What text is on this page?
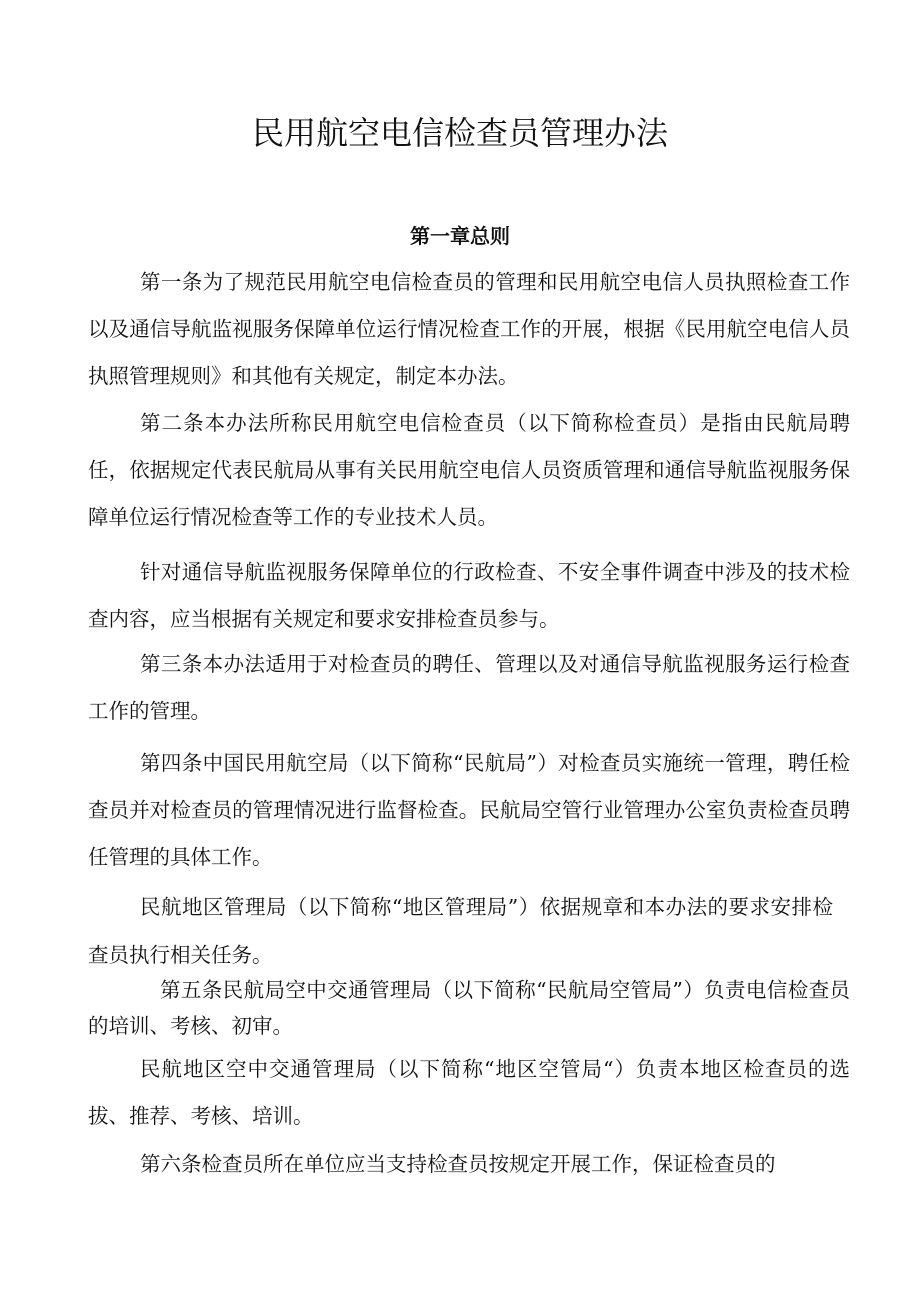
民用航空电信检查员管理办法
第一章总则
第一条为了规范民用航空电信检查员的管理和民用航空电信人员执照检查工作以及通信导航监视服务保障单位运行情况检查工作的开展，根据《民用航空电信人员执照管理规则》和其他有关规定，制定本办法。
第二条本办法所称民用航空电信检查员（以下简称检查员）是指由民航局聘任，依据规定代表民航局从事有关民用航空电信人员资质管理和通信导航监视服务保障单位运行情况检查等工作的专业技术人员。
针对通信导航监视服务保障单位的行政检查、不安全事件调查中涉及的技术检查内容，应当根据有关规定和要求安排检查员参与。
第三条本办法适用于对检查员的聘任、管理以及对通信导航监视服务运行检查工作的管理。
第四条中国民用航空局（以下简称“民航局”）对检查员实施统一管理，聘任检查员并对检查员的管理情况进行监督检查。民航局空管行业管理办公室负责检查员聘任管理的具体工作。
民航地区管理局（以下简称“地区管理局”）依据规章和本办法的要求安排检查员执行相关任务。
第五条民航局空中交通管理局（以下简称“民航局空管局”）负责电信检查员的培训、考核、初审。
民航地区空中交通管理局（以下简称“地区空管局“）负责本地区检查员的选拔、推荐、考核、培训。
第六条检查员所在单位应当支持检查员按规定开展工作，保证检查员的
